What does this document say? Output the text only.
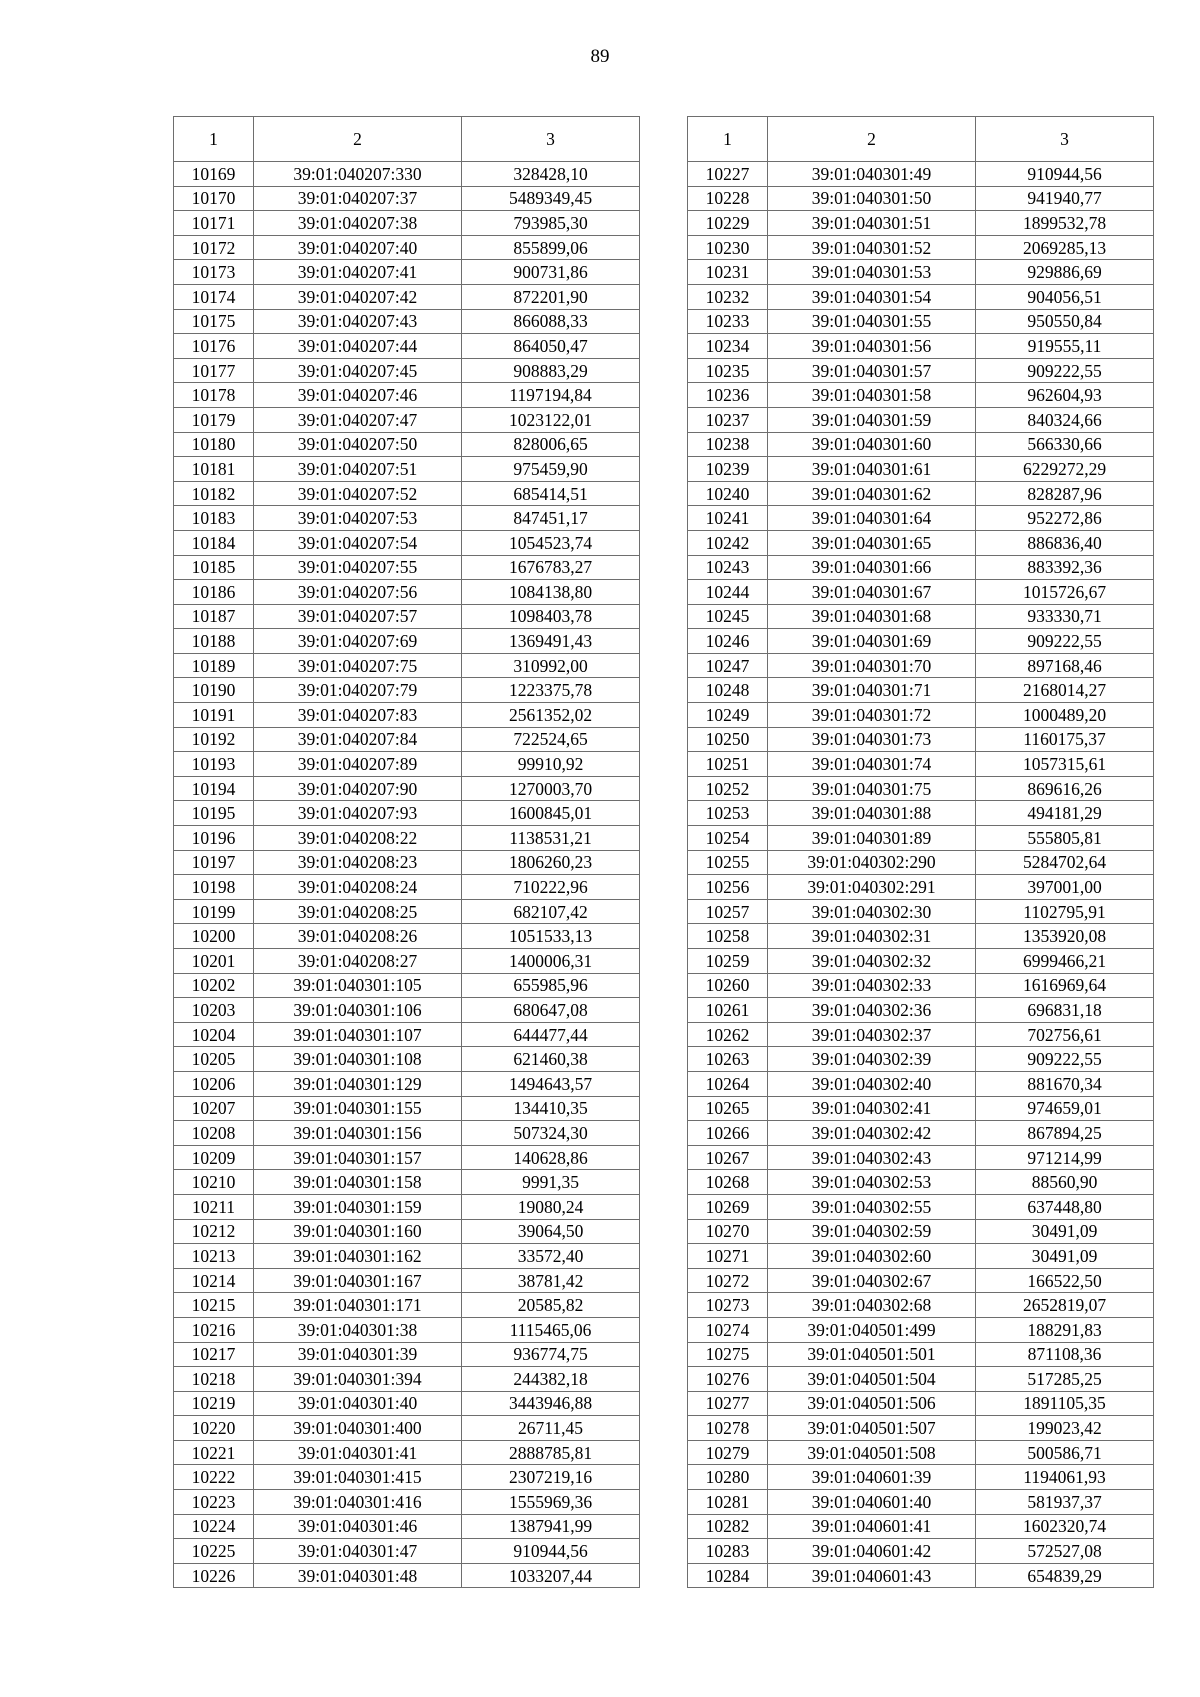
89
1	2	3
10169	39:01:040207:330	328428,10
10170	39:01:040207:37	5489349,45
10171	39:01:040207:38	793985,30
10172	39:01:040207:40	855899,06
10173	39:01:040207:41	900731,86
10174	39:01:040207:42	872201,90
10175	39:01:040207:43	866088,33
10176	39:01:040207:44	864050,47
10177	39:01:040207:45	908883,29
10178	39:01:040207:46	1197194,84
10179	39:01:040207:47	1023122,01
10180	39:01:040207:50	828006,65
10181	39:01:040207:51	975459,90
10182	39:01:040207:52	685414,51
10183	39:01:040207:53	847451,17
10184	39:01:040207:54	1054523,74
10185	39:01:040207:55	1676783,27
10186	39:01:040207:56	1084138,80
10187	39:01:040207:57	1098403,78
10188	39:01:040207:69	1369491,43
10189	39:01:040207:75	310992,00
10190	39:01:040207:79	1223375,78
10191	39:01:040207:83	2561352,02
10192	39:01:040207:84	722524,65
10193	39:01:040207:89	99910,92
10194	39:01:040207:90	1270003,70
10195	39:01:040207:93	1600845,01
10196	39:01:040208:22	1138531,21
10197	39:01:040208:23	1806260,23
10198	39:01:040208:24	710222,96
10199	39:01:040208:25	682107,42
10200	39:01:040208:26	1051533,13
10201	39:01:040208:27	1400006,31
10202	39:01:040301:105	655985,96
10203	39:01:040301:106	680647,08
10204	39:01:040301:107	644477,44
10205	39:01:040301:108	621460,38
10206	39:01:040301:129	1494643,57
10207	39:01:040301:155	134410,35
10208	39:01:040301:156	507324,30
10209	39:01:040301:157	140628,86
10210	39:01:040301:158	9991,35
10211	39:01:040301:159	19080,24
10212	39:01:040301:160	39064,50
10213	39:01:040301:162	33572,40
10214	39:01:040301:167	38781,42
10215	39:01:040301:171	20585,82
10216	39:01:040301:38	1115465,06
10217	39:01:040301:39	936774,75
10218	39:01:040301:394	244382,18
10219	39:01:040301:40	3443946,88
10220	39:01:040301:400	26711,45
10221	39:01:040301:41	2888785,81
10222	39:01:040301:415	2307219,16
10223	39:01:040301:416	1555969,36
10224	39:01:040301:46	1387941,99
10225	39:01:040301:47	910944,56
10226	39:01:040301:48	1033207,44
1	2	3
10227	39:01:040301:49	910944,56
10228	39:01:040301:50	941940,77
10229	39:01:040301:51	1899532,78
10230	39:01:040301:52	2069285,13
10231	39:01:040301:53	929886,69
10232	39:01:040301:54	904056,51
10233	39:01:040301:55	950550,84
10234	39:01:040301:56	919555,11
10235	39:01:040301:57	909222,55
10236	39:01:040301:58	962604,93
10237	39:01:040301:59	840324,66
10238	39:01:040301:60	566330,66
10239	39:01:040301:61	6229272,29
10240	39:01:040301:62	828287,96
10241	39:01:040301:64	952272,86
10242	39:01:040301:65	886836,40
10243	39:01:040301:66	883392,36
10244	39:01:040301:67	1015726,67
10245	39:01:040301:68	933330,71
10246	39:01:040301:69	909222,55
10247	39:01:040301:70	897168,46
10248	39:01:040301:71	2168014,27
10249	39:01:040301:72	1000489,20
10250	39:01:040301:73	1160175,37
10251	39:01:040301:74	1057315,61
10252	39:01:040301:75	869616,26
10253	39:01:040301:88	494181,29
10254	39:01:040301:89	555805,81
10255	39:01:040302:290	5284702,64
10256	39:01:040302:291	397001,00
10257	39:01:040302:30	1102795,91
10258	39:01:040302:31	1353920,08
10259	39:01:040302:32	6999466,21
10260	39:01:040302:33	1616969,64
10261	39:01:040302:36	696831,18
10262	39:01:040302:37	702756,61
10263	39:01:040302:39	909222,55
10264	39:01:040302:40	881670,34
10265	39:01:040302:41	974659,01
10266	39:01:040302:42	867894,25
10267	39:01:040302:43	971214,99
10268	39:01:040302:53	88560,90
10269	39:01:040302:55	637448,80
10270	39:01:040302:59	30491,09
10271	39:01:040302:60	30491,09
10272	39:01:040302:67	166522,50
10273	39:01:040302:68	2652819,07
10274	39:01:040501:499	188291,83
10275	39:01:040501:501	871108,36
10276	39:01:040501:504	517285,25
10277	39:01:040501:506	1891105,35
10278	39:01:040501:507	199023,42
10279	39:01:040501:508	500586,71
10280	39:01:040601:39	1194061,93
10281	39:01:040601:40	581937,37
10282	39:01:040601:41	1602320,74
10283	39:01:040601:42	572527,08
10284	39:01:040601:43	654839,29
